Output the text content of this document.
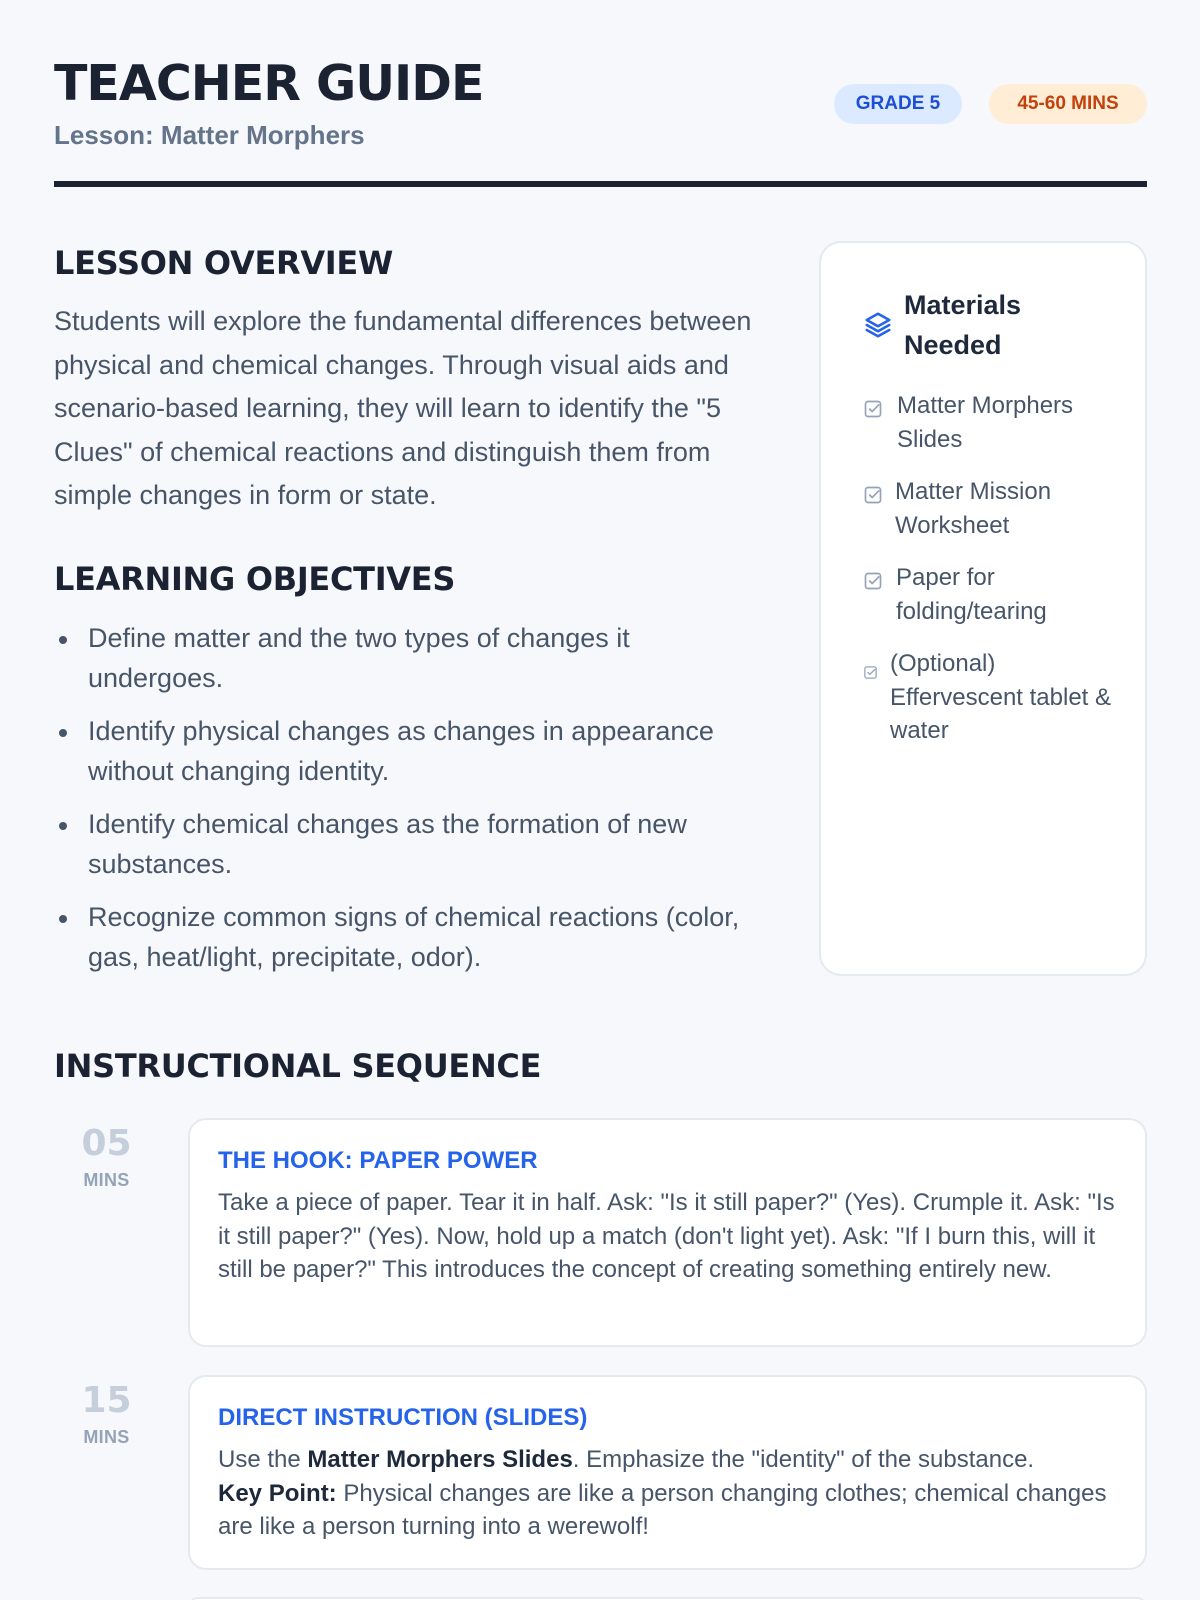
TEACHER GUIDE
Lesson: Matter Morphers
GRADE 5	45-60 MINS
LESSON OVERVIEW

Students will explore the fundamental differences between physical and chemical changes. Through visual aids and scenario-based learning, they will learn to identify the "5 Clues" of chemical reactions and distinguish them from simple changes in form or state.

LEARNING OBJECTIVES
Define matter and the two types of changes it undergoes.
Identify physical changes as changes in appearance without changing identity.
Identify chemical changes as the formation of new substances.
Recognize common signs of chemical reactions (color, gas, heat/light, precipitate, odor).
Materials Needed
Matter Morphers Slides
Matter Mission Worksheet
Paper for folding/tearing
(Optional) Effervescent tablet & water
INSTRUCTIONAL SEQUENCE
05
MINS
THE HOOK: PAPER POWER
Take a piece of paper. Tear it in half. Ask: "Is it still paper?" (Yes). Crumple it. Ask: "Is it still paper?" (Yes). Now, hold up a match (don't light yet). Ask: "If I burn this, will it still be paper?" This introduces the concept of creating something entirely new.
15
MINS
DIRECT INSTRUCTION (SLIDES)
Use the Matter Morphers Slides. Emphasize the "identity" of the substance.
Key Point: Physical changes are like a person changing clothes; chemical changes are like a person turning into a werewolf!
